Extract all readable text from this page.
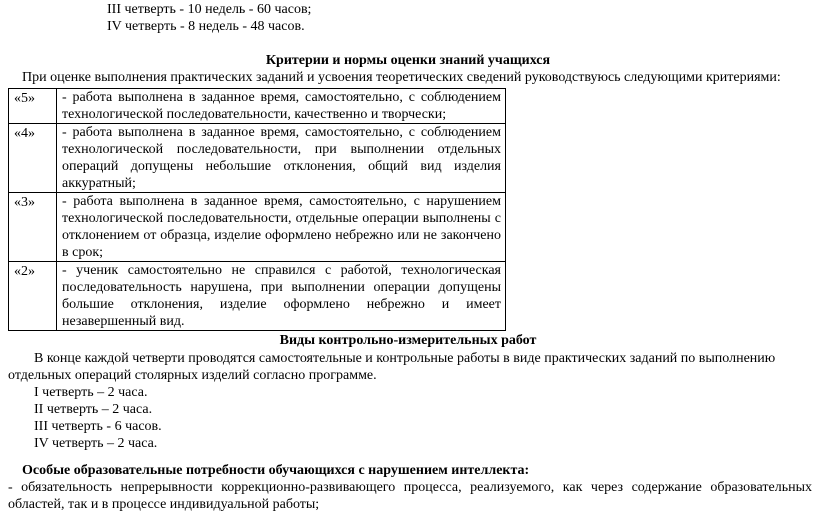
III четверть - 10 недель - 60 часов;
IV четверть - 8 недель - 48 часов.
Критерии и нормы оценки знаний учащихся
При оценке выполнения практических заданий и усвоения теоретических сведений руководствуюсь следующими критериями:
«5»	- работа выполнена в заданное время, самостоятельно, с соблюдением технологической последовательности, качественно и творчески;
«4»	- работа выполнена в заданное время, самостоятельно, с соблюдением технологической последовательности, при выполнении отдельных операций допущены небольшие отклонения, общий вид изделия аккуратный;
«3»	- работа выполнена в заданное время, самостоятельно, с нарушением технологической последовательности, отдельные операции выполнены с отклонением от образца, изделие оформлено небрежно или не закончено в срок;
«2»	- ученик самостоятельно не справился с работой, технологическая последовательность нарушена, при выполнении операции допущены большие отклонения, изделие оформлено небрежно и имеет незавершенный вид.
Виды контрольно-измерительных работ
В конце каждой четверти проводятся самостоятельные и контрольные работы в виде практических заданий по выполнению
отдельных операций столярных изделий согласно программе.
I четверть – 2 часа.
II четверть – 2 часа.
III четверть - 6 часов.
IV четверть – 2 часа.
Особые образовательные потребности обучающихся с нарушением интеллекта:
- обязательность непрерывности коррекционно-развивающего процесса, реализуемого, как через содержание образовательных
областей, так и в процессе индивидуальной работы;
